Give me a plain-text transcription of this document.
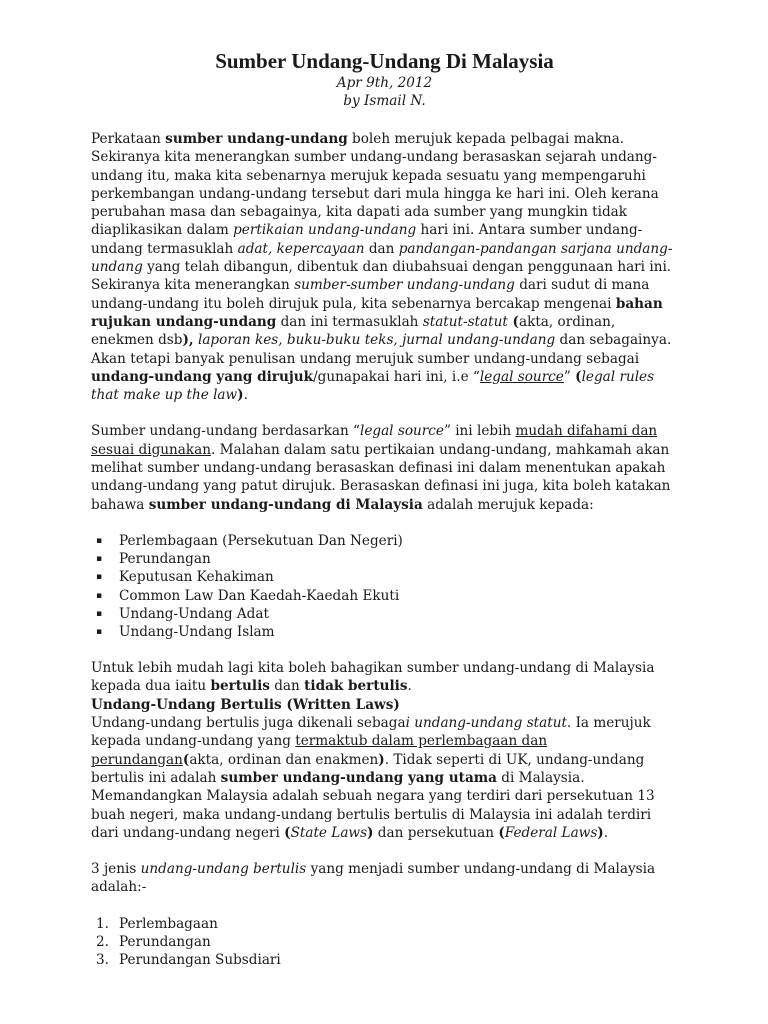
Sumber Undang-Undang Di Malaysia

Apr 9th, 2012

by Ismail N.

Perkataan sumber undang-undang boleh merujuk kepada pelbagai makna. Sekiranya kita menerangkan sumber undang-undang berasaskan sejarah undang-undang itu, maka kita sebenarnya merujuk kepada sesuatu yang mempengaruhi perkembangan undang-undang tersebut dari mula hingga ke hari ini. Oleh kerana perubahan masa dan sebagainya, kita dapati ada sumber yang mungkin tidak diaplikasikan dalam pertikaian undang-undang hari ini. Antara sumber undang-undang termasuklah adat, kepercayaan dan pandangan-pandangan sarjana undang-undang yang telah dibangun, dibentuk dan diubahsuai dengan penggunaan hari ini. Sekiranya kita menerangkan sumber-sumber undang-undang dari sudut di mana undang-undang itu boleh dirujuk pula, kita sebenarnya bercakap mengenai bahan rujukan undang-undang dan ini termasuklah statut-statut (akta, ordinan, enekmen dsb), laporan kes, buku-buku teks, jurnal undang-undang dan sebagainya. Akan tetapi banyak penulisan undang merujuk sumber undang-undang sebagai undang-undang yang dirujuk/gunapakai hari ini, i.e “legal source” (legal rules that make up the law).

Sumber undang-undang berdasarkan “legal source” ini lebih mudah difahami dan sesuai digunakan. Malahan dalam satu pertikaian undang-undang, mahkamah akan melihat sumber undang-undang berasaskan definasi ini dalam menentukan apakah undang-undang yang patut dirujuk. Berasaskan definasi ini juga, kita boleh katakan bahawa sumber undang-undang di Malaysia adalah merujuk kepada:

▪ Perlembagaan (Persekutuan Dan Negeri)
▪ Perundangan
▪ Keputusan Kehakiman
▪ Common Law Dan Kaedah-Kaedah Ekuti
▪ Undang-Undang Adat
▪ Undang-Undang Islam

Untuk lebih mudah lagi kita boleh bahagikan sumber undang-undang di Malaysia kepada dua iaitu bertulis dan tidak bertulis.

Undang-Undang Bertulis (Written Laws)

Undang-undang bertulis juga dikenali sebagai undang-undang statut. Ia merujuk kepada undang-undang yang termaktub dalam perlembagaan dan perundangan(akta, ordinan dan enakmen). Tidak seperti di UK, undang-undang bertulis ini adalah sumber undang-undang yang utama di Malaysia. Memandangkan Malaysia adalah sebuah negara yang terdiri dari persekutuan 13 buah negeri, maka undang-undang bertulis bertulis di Malaysia ini adalah terdiri dari undang-undang negeri (State Laws) dan persekutuan (Federal Laws).

3 jenis undang-undang bertulis yang menjadi sumber undang-undang di Malaysia adalah:-

1. Perlembagaan
2. Perundangan
3. Perundangan Subsdiari
